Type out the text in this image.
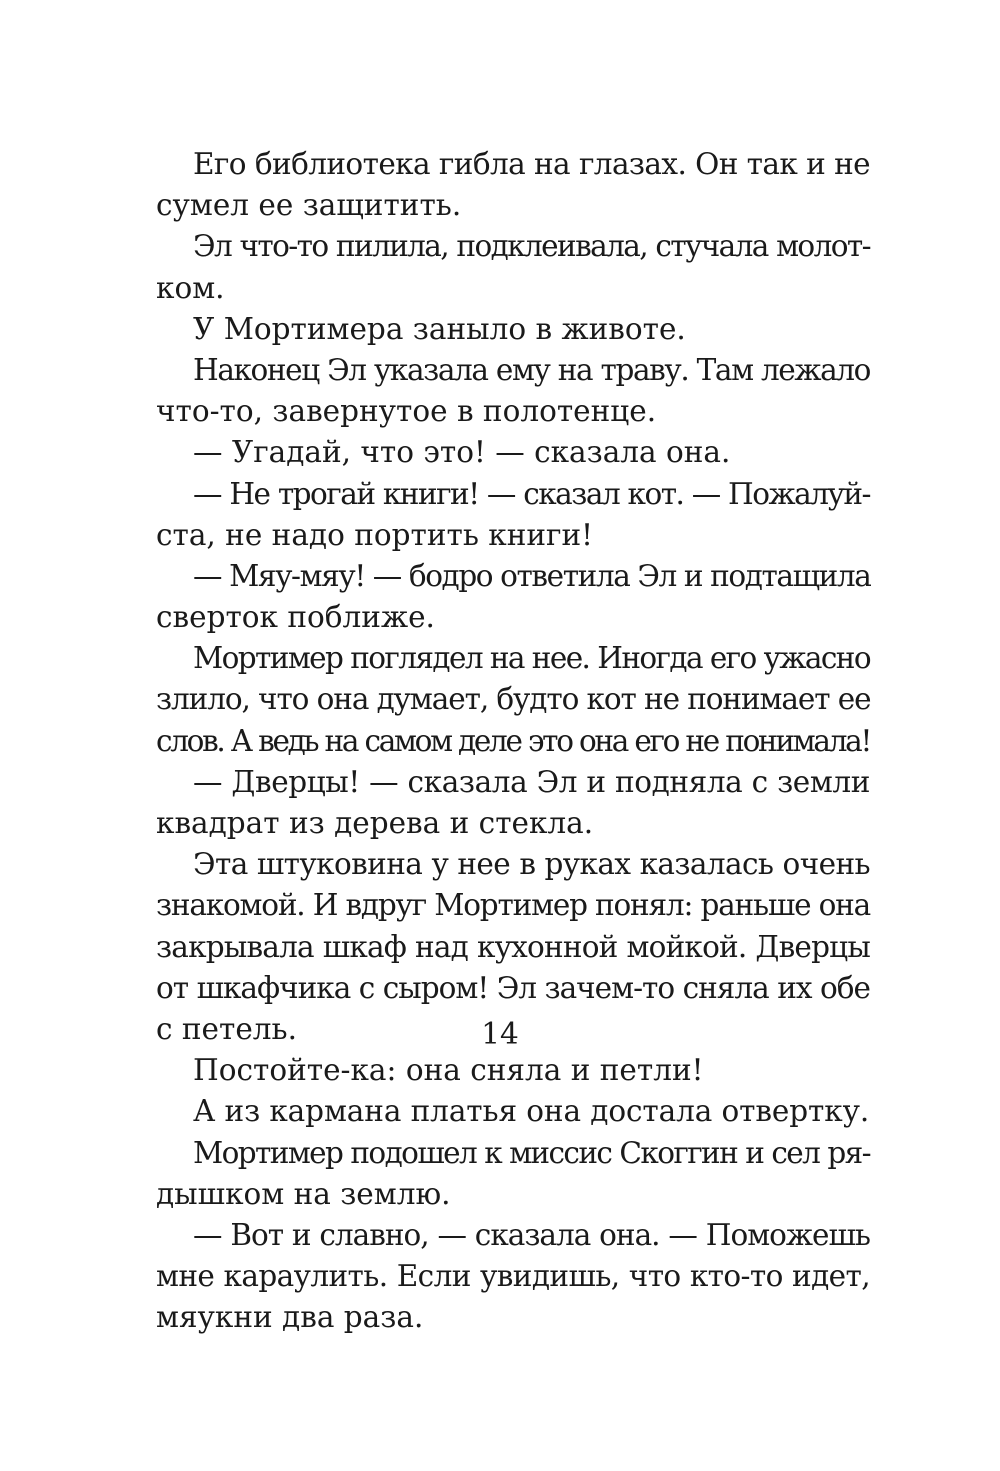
Его библиотека гибла на глазах. Он так и не
сумел ее защитить.
Эл что-то пилила, подклеивала, стучала молот-
ком.
У Мортимера заныло в животе.
Наконец Эл указала ему на траву. Там лежало
что-то, завернутое в полотенце.
— Угадай, что это! — сказала она.
— Не трогай книги! — сказал кот. — Пожалуй-
ста, не надо портить книги!
— Мяу-мяу! — бодро ответила Эл и подтащила
сверток поближе.
Мортимер поглядел на нее. Иногда его ужасно
злило, что она думает, будто кот не понимает ее
слов. А ведь на самом деле это она его не понимала!
— Дверцы! — сказала Эл и подняла с земли
квадрат из дерева и стекла.
Эта штуковина у нее в руках казалась очень
знакомой. И вдруг Мортимер понял: раньше она
закрывала шкаф над кухонной мойкой. Дверцы
от шкафчика с сыром! Эл зачем-то сняла их обе
с петель.
Постойте-ка: она сняла и петли!
А из кармана платья она достала отвертку.
Мортимер подошел к миссис Скоггин и сел ря-
дышком на землю.
— Вот и славно, — сказала она. — Поможешь
мне караулить. Если увидишь, что кто-то идет,
мяукни два раза.
14
